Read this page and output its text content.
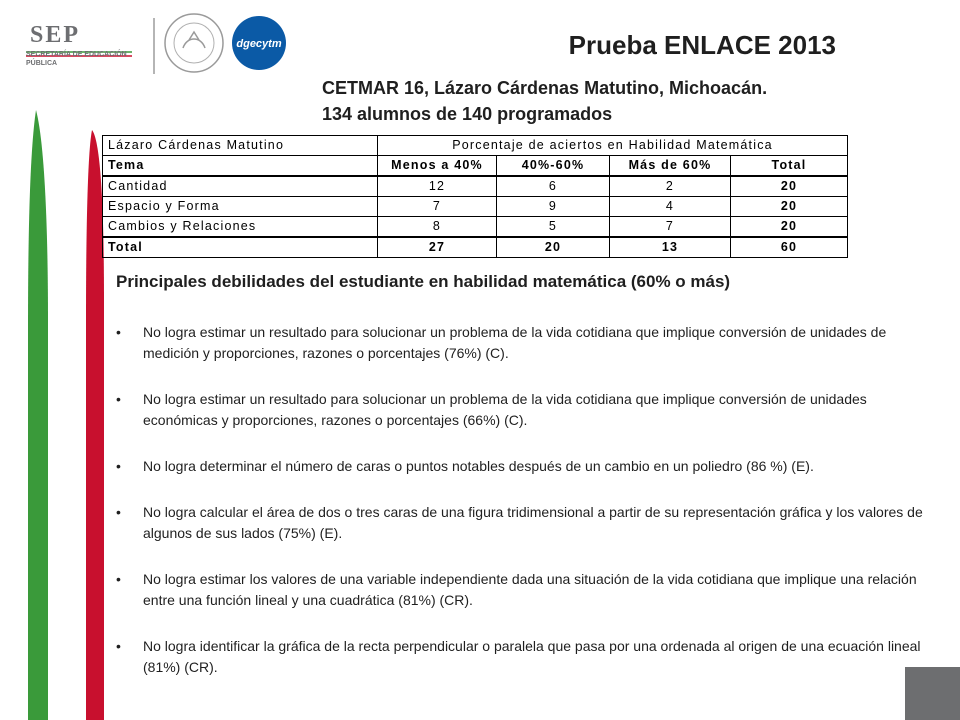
SEP
SECRETARÍA DE EDUCACIÓN PÚBLICA
dgecytm	Prueba ENLACE 2013
CETMAR 16, Lázaro Cárdenas Matutino, Michoacán.
134 alumnos de 140 programados
Lázaro Cárdenas Matutino	Porcentaje de aciertos en Habilidad Matemática			
Tema	Menos a 40%	40%-60%	Más de 60%	Total
Cantidad	12	6	2	20
Espacio y Forma	7	9	4	20
Cambios y Relaciones	8	5	7	20
Total	27	20	13	60
Principales debilidades del estudiante en habilidad matemática (60% o más)
• No logra estimar un resultado para solucionar un problema de la vida cotidiana que implique conversión de unidades de medición y proporciones, razones o porcentajes (76%) (C).
• No logra estimar un resultado para solucionar un problema de la vida cotidiana que implique conversión de unidades económicas y proporciones, razones o porcentajes (66%) (C).
• No logra determinar el número de caras o puntos notables después de un cambio en un poliedro (86 %) (E).
• No logra calcular el área de dos o tres caras de una figura tridimensional a partir de su representación gráfica y los valores de algunos de sus lados (75%) (E).
• No logra estimar los valores de una variable independiente dada una situación de la vida cotidiana que implique una relación entre una función lineal y una cuadrática (81%) (CR).
• No logra identificar la gráfica de la recta perpendicular o paralela que pasa por una ordenada al origen de una ecuación lineal (81%) (CR).
